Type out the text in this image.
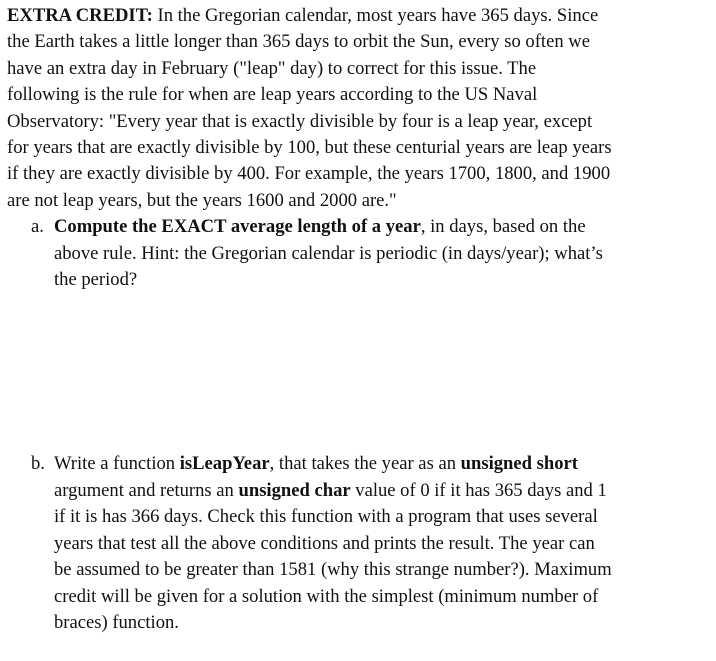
EXTRA CREDIT: In the Gregorian calendar, most years have 365 days. Since
the Earth takes a little longer than 365 days to orbit the Sun, every so often we
have an extra day in February ("leap" day) to correct for this issue. The
following is the rule for when are leap years according to the US Naval
Observatory: "Every year that is exactly divisible by four is a leap year, except
for years that are exactly divisible by 100, but these centurial years are leap years
if they are exactly divisible by 400. For example, the years 1700, 1800, and 1900
are not leap years, but the years 1600 and 2000 are."

a. Compute the EXACT average length of a year, in days, based on the
above rule. Hint: the Gregorian calendar is periodic (in days/year); what’s
the period?

b. Write a function isLeapYear, that takes the year as an unsigned short
argument and returns an unsigned char value of 0 if it has 365 days and 1
if it is has 366 days. Check this function with a program that uses several
years that test all the above conditions and prints the result. The year can
be assumed to be greater than 1581 (why this strange number?). Maximum
credit will be given for a solution with the simplest (minimum number of
braces) function.
